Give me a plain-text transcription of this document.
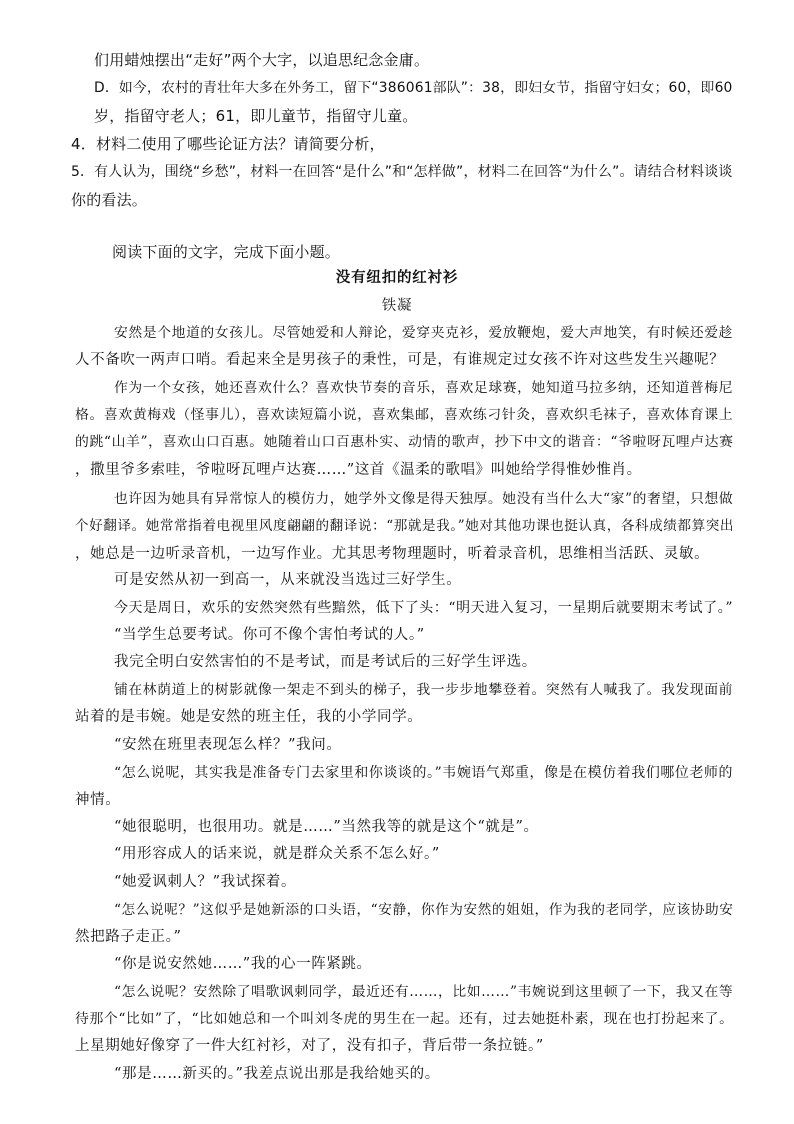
们用蜡烛摆出“走好”两个大字，以追思纪念金庸。
D．如今，农村的青壮年大多在外务工，留下“386061部队”：38，即妇女节，指留守妇女；60，即60
岁，指留守老人；61，即儿童节，指留守儿童。
4．材料二使用了哪些论证方法？请简要分析，
5．有人认为，围绕“乡愁”，材料一在回答“是什么”和“怎样做”，材料二在回答“为什么”。请结合材料谈谈
你的看法。
阅读下面的文字，完成下面小题。
没有纽扣的红衬衫
铁凝
安然是个地道的女孩儿。尽管她爱和人辩论，爱穿夹克衫，爱放鞭炮，爱大声地笑，有时候还爱趁
人不备吹一两声口哨。看起来全是男孩子的秉性，可是，有谁规定过女孩不许对这些发生兴趣呢？
作为一个女孩，她还喜欢什么？喜欢快节奏的音乐，喜欢足球赛，她知道马拉多纳，还知道普梅尼
格。喜欢黄梅戏（怪事儿），喜欢读短篇小说，喜欢集邮，喜欢练刁针灸，喜欢织毛袜子，喜欢体育课上
的跳“山羊”，喜欢山口百惠。她随着山口百惠朴实、动情的歌声，抄下中文的谐音：“爷啦呀瓦哩卢达赛
，撒里爷多索哇，爷啦呀瓦哩卢达赛……”这首《温柔的歌唱》叫她给学得惟妙惟肖。
也许因为她具有异常惊人的模仿力，她学外文像是得天独厚。她没有当什么大“家”的奢望，只想做
个好翻译。她常常指着电视里风度翩翩的翻译说：“那就是我。”她对其他功课也挺认真，各科成绩都算突出
，她总是一边听录音机，一边写作业。尤其思考物理题时，听着录音机，思维相当活跃、灵敏。
可是安然从初一到高一，从来就没当选过三好学生。
今天是周日，欢乐的安然突然有些黯然，低下了头：“明天进入复习，一星期后就要期末考试了。”
“当学生总要考试。你可不像个害怕考试的人。”
我完全明白安然害怕的不是考试，而是考试后的三好学生评选。
铺在林荫道上的树影就像一架走不到头的梯子，我一步步地攀登着。突然有人喊我了。我发现面前
站着的是韦婉。她是安然的班主任，我的小学同学。
“安然在班里表现怎么样？”我问。
“怎么说呢，其实我是准备专门去家里和你谈谈的。”韦婉语气郑重，像是在模仿着我们哪位老师的
神情。
“她很聪明，也很用功。就是……”当然我等的就是这个“就是”。
“用形容成人的话来说，就是群众关系不怎么好。”
“她爱讽刺人？”我试探着。
“怎么说呢？”这似乎是她新添的口头语，“安静，你作为安然的姐姐，作为我的老同学，应该协助安
然把路子走正。”
“你是说安然她……”我的心一阵紧跳。
“怎么说呢？安然除了唱歌讽刺同学，最近还有……，比如……”韦婉说到这里顿了一下，我又在等
待那个“比如”了，“比如她总和一个叫刘冬虎的男生在一起。还有，过去她挺朴素，现在也打扮起来了。
上星期她好像穿了一件大红衬衫，对了，没有扣子，背后带一条拉链。”
“那是……新买的。”我差点说出那是我给她买的。
